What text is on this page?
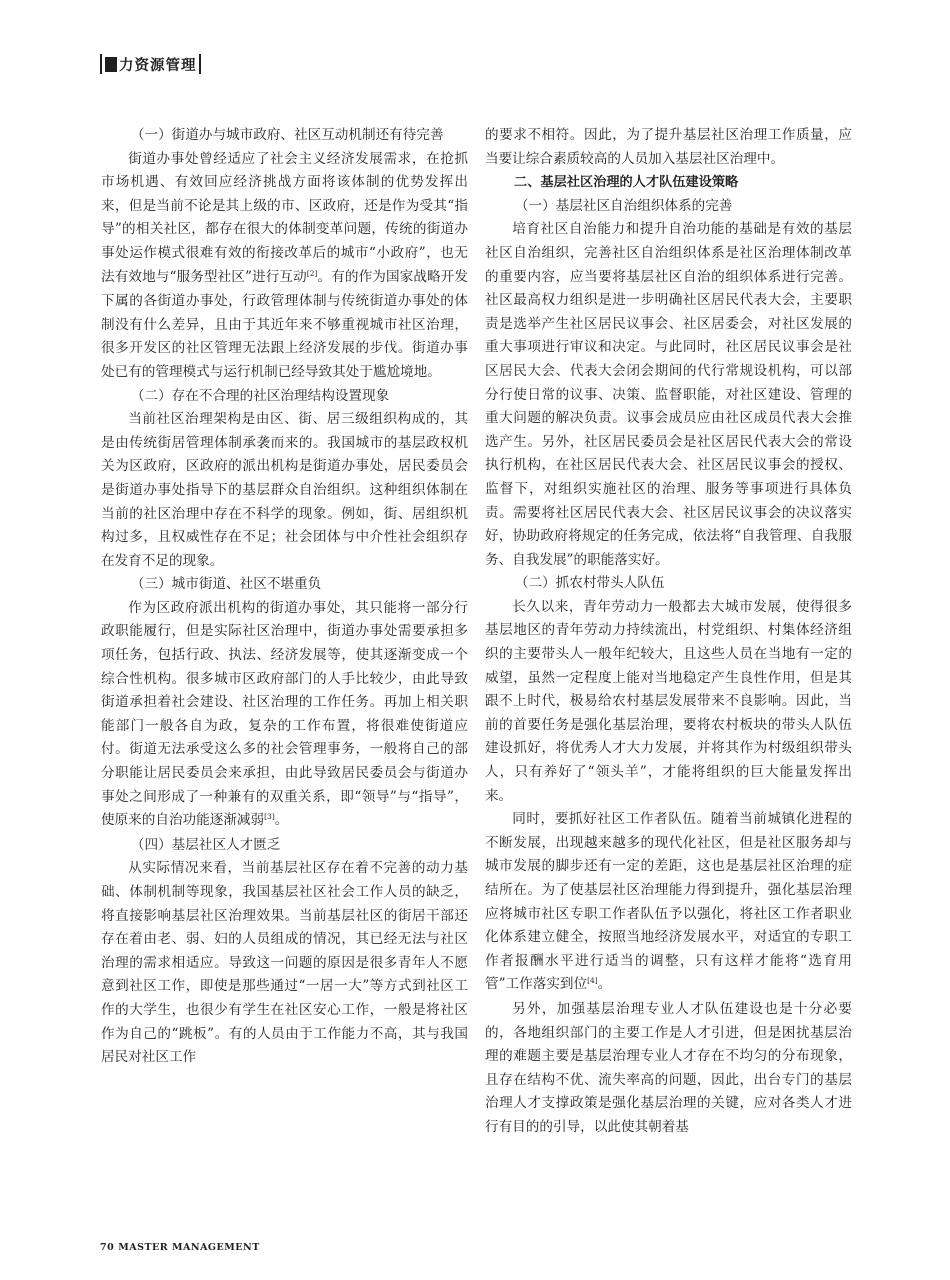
力资源管理

（一）街道办与城市政府、社区互动机制还有待完善

街道办事处曾经适应了社会主义经济发展需求，在抢抓市场机遇、有效回应经济挑战方面将该体制的优势发挥出来，但是当前不论是其上级的市、区政府，还是作为受其“指导”的相关社区，都存在很大的体制变革问题，传统的街道办事处运作模式很难有效的衔接改革后的城市“小政府”，也无法有效地与“服务型社区”进行互动[2]。有的作为国家战略开发下属的各街道办事处，行政管理体制与传统街道办事处的体制没有什么差异，且由于其近年来不够重视城市社区治理，很多开发区的社区管理无法跟上经济发展的步伐。街道办事处已有的管理模式与运行机制已经导致其处于尴尬境地。

（二）存在不合理的社区治理结构设置现象

当前社区治理架构是由区、街、居三级组织构成的，其是由传统街居管理体制承袭而来的。我国城市的基层政权机关为区政府，区政府的派出机构是街道办事处，居民委员会是街道办事处指导下的基层群众自治组织。这种组织体制在当前的社区治理中存在不科学的现象。例如，街、居组织机构过多，且权威性存在不足；社会团体与中介性社会组织存在发育不足的现象。

（三）城市街道、社区不堪重负

作为区政府派出机构的街道办事处，其只能将一部分行政职能履行，但是实际社区治理中，街道办事处需要承担多项任务，包括行政、执法、经济发展等，使其逐渐变成一个综合性机构。很多城市区政府部门的人手比较少，由此导致街道承担着社会建设、社区治理的工作任务。再加上相关职能部门一般各自为政，复杂的工作布置，将很难使街道应付。街道无法承受这么多的社会管理事务，一般将自己的部分职能让居民委员会来承担，由此导致居民委员会与街道办事处之间形成了一种兼有的双重关系，即“领导”与“指导”，使原来的自治功能逐渐减弱[3]。

（四）基层社区人才匮乏

从实际情况来看，当前基层社区存在着不完善的动力基础、体制机制等现象，我国基层社区社会工作人员的缺乏，将直接影响基层社区治理效果。当前基层社区的街居干部还存在着由老、弱、妇的人员组成的情况，其已经无法与社区治理的需求相适应。导致这一问题的原因是很多青年人不愿意到社区工作，即使是那些通过“一居一大”等方式到社区工作的大学生，也很少有学生在社区安心工作，一般是将社区作为自己的“跳板”。有的人员由于工作能力不高，其与我国居民对社区工作

的要求不相符。因此，为了提升基层社区治理工作质量，应当要让综合素质较高的人员加入基层社区治理中。

二、基层社区治理的人才队伍建设策略

（一）基层社区自治组织体系的完善

培育社区自治能力和提升自治功能的基础是有效的基层社区自治组织，完善社区自治组织体系是社区治理体制改革的重要内容，应当要将基层社区自治的组织体系进行完善。社区最高权力组织是进一步明确社区居民代表大会，主要职责是选举产生社区居民议事会、社区居委会，对社区发展的重大事项进行审议和决定。与此同时，社区居民议事会是社区居民大会、代表大会闭会期间的代行常规设机构，可以部分行使日常的议事、决策、监督职能，对社区建设、管理的重大问题的解决负责。议事会成员应由社区成员代表大会推选产生。另外，社区居民委员会是社区居民代表大会的常设执行机构，在社区居民代表大会、社区居民议事会的授权、监督下，对组织实施社区的治理、服务等事项进行具体负责。需要将社区居民代表大会、社区居民议事会的决议落实好，协助政府将规定的任务完成，依法将“自我管理、自我服务、自我发展”的职能落实好。

（二）抓农村带头人队伍

长久以来，青年劳动力一般都去大城市发展，使得很多基层地区的青年劳动力持续流出，村党组织、村集体经济组织的主要带头人一般年纪较大，且这些人员在当地有一定的威望，虽然一定程度上能对当地稳定产生良性作用，但是其跟不上时代，极易给农村基层发展带来不良影响。因此，当前的首要任务是强化基层治理，要将农村板块的带头人队伍建设抓好，将优秀人才大力发展，并将其作为村级组织带头人，只有养好了“领头羊”，才能将组织的巨大能量发挥出来。

同时，要抓好社区工作者队伍。随着当前城镇化进程的不断发展，出现越来越多的现代化社区，但是社区服务却与城市发展的脚步还有一定的差距，这也是基层社区治理的症结所在。为了使基层社区治理能力得到提升，强化基层治理应将城市社区专职工作者队伍予以强化，将社区工作者职业化体系建立健全，按照当地经济发展水平，对适宜的专职工作者报酬水平进行适当的调整，只有这样才能将“选育用管”工作落实到位[4]。

另外，加强基层治理专业人才队伍建设也是十分必要的，各地组织部门的主要工作是人才引进，但是困扰基层治理的难题主要是基层治理专业人才存在不均匀的分布现象，且存在结构不优、流失率高的问题，因此，出台专门的基层治理人才支撑政策是强化基层治理的关键，应对各类人才进行有目的的引导，以此使其朝着基

70 MASTER MANAGEMENT
